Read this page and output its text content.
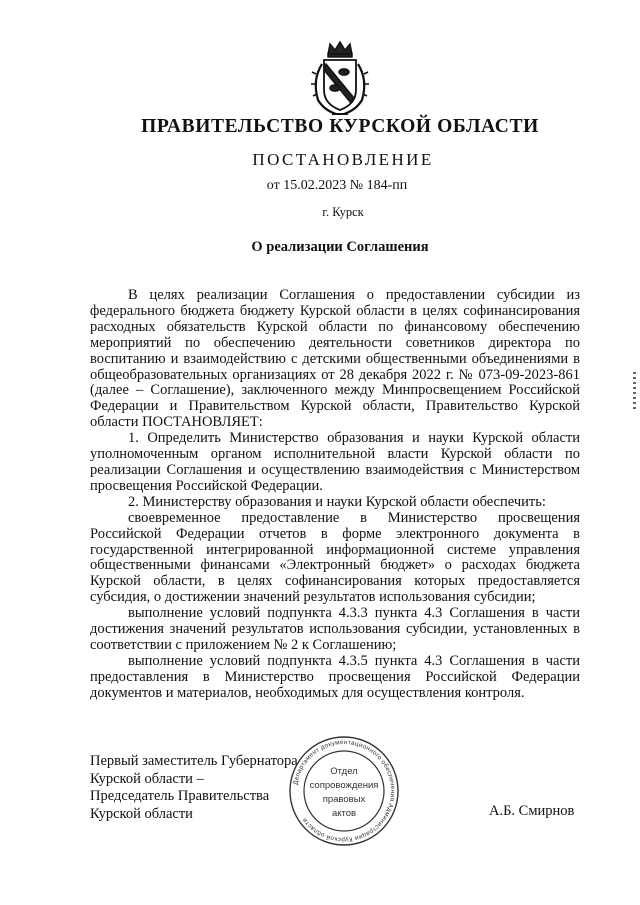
ПРАВИТЕЛЬСТВО КУРСКОЙ ОБЛАСТИ
ПОСТАНОВЛЕНИЕ
от 15.02.2023 № 184-пп
г. Курск
О реализации Соглашения

В целях реализации Соглашения о предоставлении субсидии из федерального бюджета бюджету Курской области в целях софинансирования расходных обязательств Курской области по финансовому обеспечению мероприятий по обеспечению деятельности советников директора по воспитанию и взаимодействию с детскими общественными объединениями в общеобразовательных организациях от 28 декабря 2022 г. № 073-09-2023-861 (далее – Соглашение), заключенного между Минпросвещением Российской Федерации и Правительством Курской области, Правительство Курской области ПОСТАНОВЛЯЕТ:

1. Определить Министерство образования и науки Курской области уполномоченным органом исполнительной власти Курской области по реализации Соглашения и осуществлению взаимодействия с Министерством просвещения Российской Федерации.

2. Министерству образования и науки Курской области обеспечить:

своевременное предоставление в Министерство просвещения Российской Федерации отчетов в форме электронного документа в государственной интегрированной информационной системе управления общественными финансами «Электронный бюджет» о расходах бюджета Курской области, в целях софинансирования которых предоставляется субсидия, о достижении значений результатов использования субсидии;

выполнение условий подпункта 4.3.3 пункта 4.3 Соглашения в части достижения значений результатов использования субсидии, установленных в соответствии с приложением № 2 к Соглашению;

выполнение условий подпункта 4.3.5 пункта 4.3 Соглашения в части предоставления в Министерство просвещения Российской Федерации документов и материалов, необходимых для осуществления контроля.

Первый заместитель Губернатора
Курской области –
Председатель Правительства
Курской области
Департамент документационного обеспечения Администрации Курской области
Отдел
сопровождения
правовых
актов	А.Б. Смирнов
